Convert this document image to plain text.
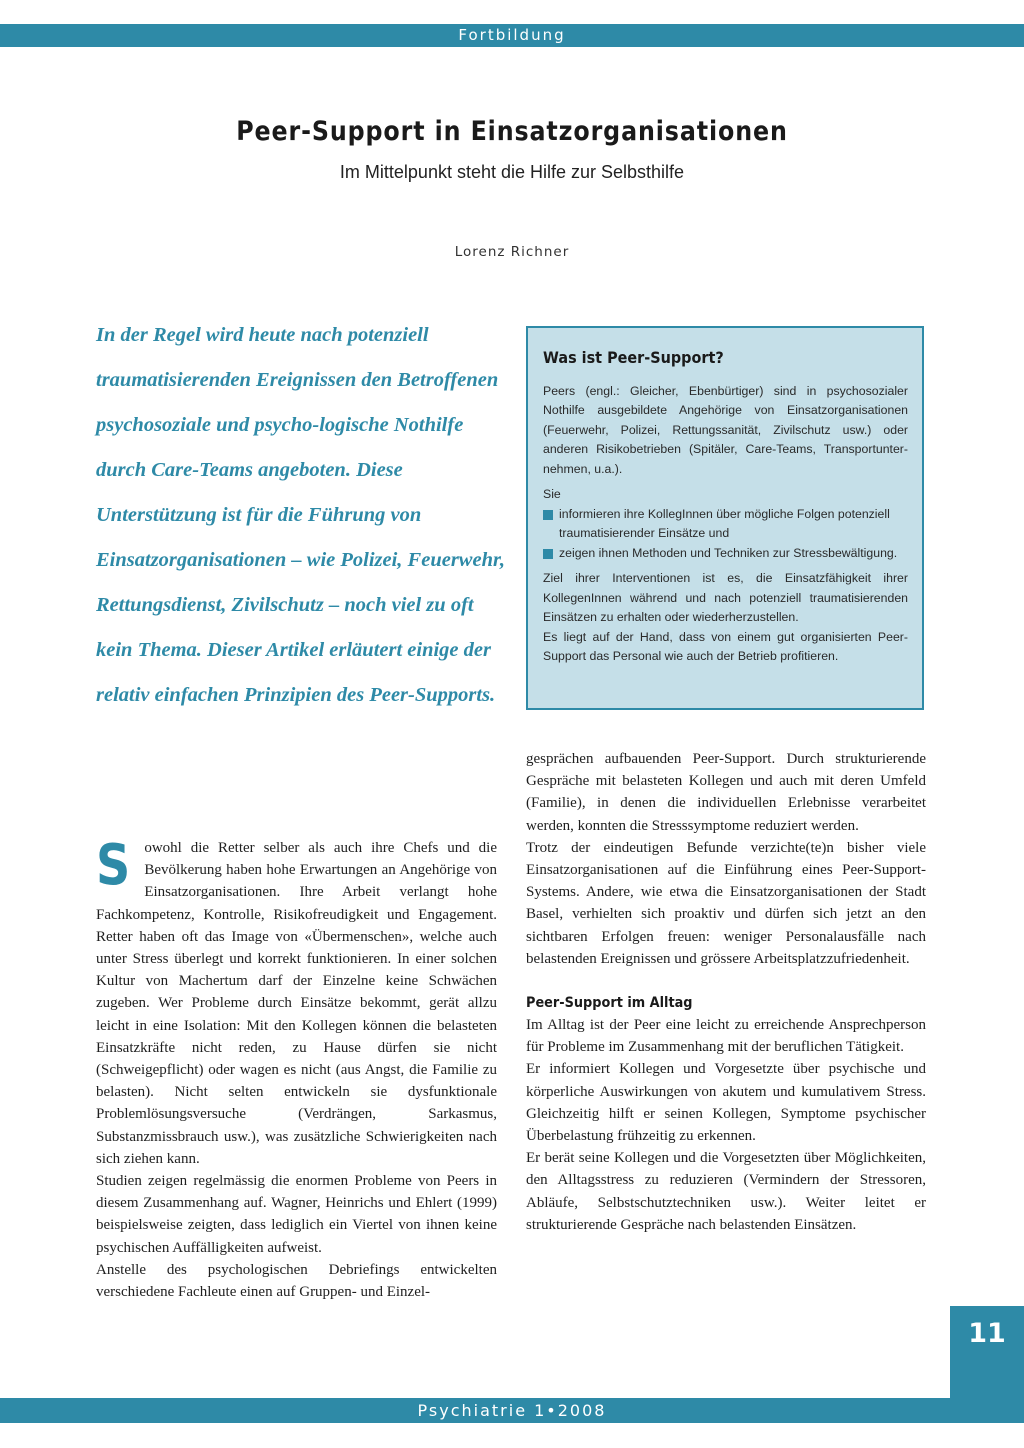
Fortbildung
Peer-Support in Einsatzorganisationen
Im Mittelpunkt steht die Hilfe zur Selbsthilfe
Lorenz Richner
In der Regel wird heute nach potenziell traumatisierenden Ereignissen den Betroffenen psychosoziale und psycho-logische Nothilfe durch Care-Teams angeboten. Diese Unterstützung ist für die Führung von Einsatzorganisationen – wie Polizei, Feuerwehr, Rettungsdienst, Zivilschutz – noch viel zu oft kein Thema. Dieser Artikel erläutert einige der relativ einfachen Prinzipien des Peer-Supports.
Was ist Peer-Support?

Peers (engl.: Gleicher, Ebenbürtiger) sind in psychosozialer Nothilfe ausgebildete Angehörige von Einsatzorganisationen (Feuerwehr, Polizei, Rettungssanität, Zivilschutz usw.) oder anderen Risikobetrieben (Spitäler, Care-Teams, Transportunter-nehmen, u.a.).

Sie

informieren ihre KollegInnen über mögliche Folgen potenziell traumatisierender Einsätze und
zeigen ihnen Methoden und Techniken zur Stressbewältigung.

Ziel ihrer Interventionen ist es, die Einsatzfähigkeit ihrer KollegenInnen während und nach potenziell traumatisierenden Einsätzen zu erhalten oder wiederherzustellen.

Es liegt auf der Hand, dass von einem gut organisierten Peer-Support das Personal wie auch der Betrieb profitieren.

Sowohl die Retter selber als auch ihre Chefs und die Bevölkerung haben hohe Erwartungen an Angehörige von Einsatzorganisationen. Ihre Arbeit verlangt hohe Fachkompetenz, Kontrolle, Risikofreudigkeit und Engagement. Retter haben oft das Image von «Übermenschen», welche auch unter Stress überlegt und korrekt funktionieren. In einer solchen Kultur von Machertum darf der Einzelne keine Schwächen zugeben. Wer Probleme durch Einsätze bekommt, gerät allzu leicht in eine Isolation: Mit den Kollegen können die belasteten Einsatzkräfte nicht reden, zu Hause dürfen sie nicht (Schweigepflicht) oder wagen es nicht (aus Angst, die Familie zu belasten). Nicht selten entwickeln sie dysfunktionale Problemlösungsversuche (Verdrängen, Sarkasmus, Substanzmissbrauch usw.), was zusätzliche Schwierigkeiten nach sich ziehen kann.

Studien zeigen regelmässig die enormen Probleme von Peers in diesem Zusammenhang auf. Wagner, Heinrichs und Ehlert (1999) beispielsweise zeigten, dass lediglich ein Viertel von ihnen keine psychischen Auffälligkeiten aufweist.

Anstelle des psychologischen Debriefings entwickelten verschiedene Fachleute einen auf Gruppen- und Einzel-

gesprächen aufbauenden Peer-Support. Durch strukturierende Gespräche mit belasteten Kollegen und auch mit deren Umfeld (Familie), in denen die individuellen Erlebnisse verarbeitet werden, konnten die Stresssymptome reduziert werden.

Trotz der eindeutigen Befunde verzichte(te)n bisher viele Einsatzorganisationen auf die Einführung eines Peer-Support-Systems. Andere, wie etwa die Einsatzorganisationen der Stadt Basel, verhielten sich proaktiv und dürfen sich jetzt an den sichtbaren Erfolgen freuen: weniger Personalausfälle nach belastenden Ereignissen und grössere Arbeitsplatzzufriedenheit.

Peer-Support im Alltag

Im Alltag ist der Peer eine leicht zu erreichende Ansprechperson für Probleme im Zusammenhang mit der beruflichen Tätigkeit.

Er informiert Kollegen und Vorgesetzte über psychische und körperliche Auswirkungen von akutem und kumulativem Stress. Gleichzeitig hilft er seinen Kollegen, Symptome psychischer Überbelastung frühzeitig zu erkennen.

Er berät seine Kollegen und die Vorgesetzten über Möglichkeiten, den Alltagsstress zu reduzieren (Vermindern der Stressoren, Abläufe, Selbstschutztechniken usw.). Weiter leitet er strukturierende Gespräche nach belastenden Einsätzen.

11
Psychiatrie 1•2008
